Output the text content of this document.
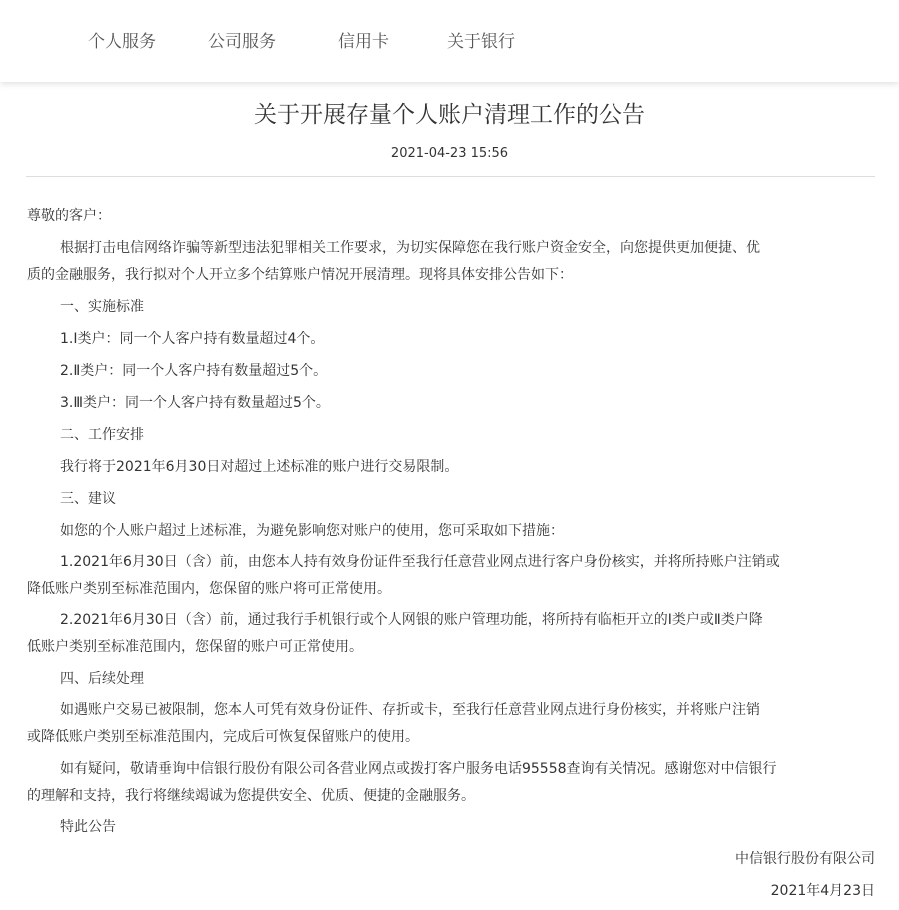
个人服务	公司服务	信用卡	关于银行
关于开展存量个人账户清理工作的公告
2021-04-23 15:56
尊敬的客户：
根据打击电信网络诈骗等新型违法犯罪相关工作要求，为切实保障您在我行账户资金安全，向您提供更加便捷、优
质的金融服务，我行拟对个人开立多个结算账户情况开展清理。现将具体安排公告如下：
一、实施标准
1.Ⅰ类户：同一个人客户持有数量超过4个。
2.Ⅱ类户：同一个人客户持有数量超过5个。
3.Ⅲ类户：同一个人客户持有数量超过5个。
二、工作安排
我行将于2021年6月30日对超过上述标准的账户进行交易限制。
三、建议
如您的个人账户超过上述标准，为避免影响您对账户的使用，您可采取如下措施：
1.2021年6月30日（含）前，由您本人持有效身份证件至我行任意营业网点进行客户身份核实，并将所持账户注销或
降低账户类别至标准范围内，您保留的账户将可正常使用。
2.2021年6月30日（含）前，通过我行手机银行或个人网银的账户管理功能，将所持有临柜开立的Ⅰ类户或Ⅱ类户降
低账户类别至标准范围内，您保留的账户可正常使用。
四、后续处理
如遇账户交易已被限制，您本人可凭有效身份证件、存折或卡，至我行任意营业网点进行身份核实，并将账户注销
或降低账户类别至标准范围内，完成后可恢复保留账户的使用。
如有疑问，敬请垂询中信银行股份有限公司各营业网点或拨打客户服务电话95558查询有关情况。感谢您对中信银行
的理解和支持，我行将继续竭诚为您提供安全、优质、便捷的金融服务。
特此公告
中信银行股份有限公司
2021年4月23日
